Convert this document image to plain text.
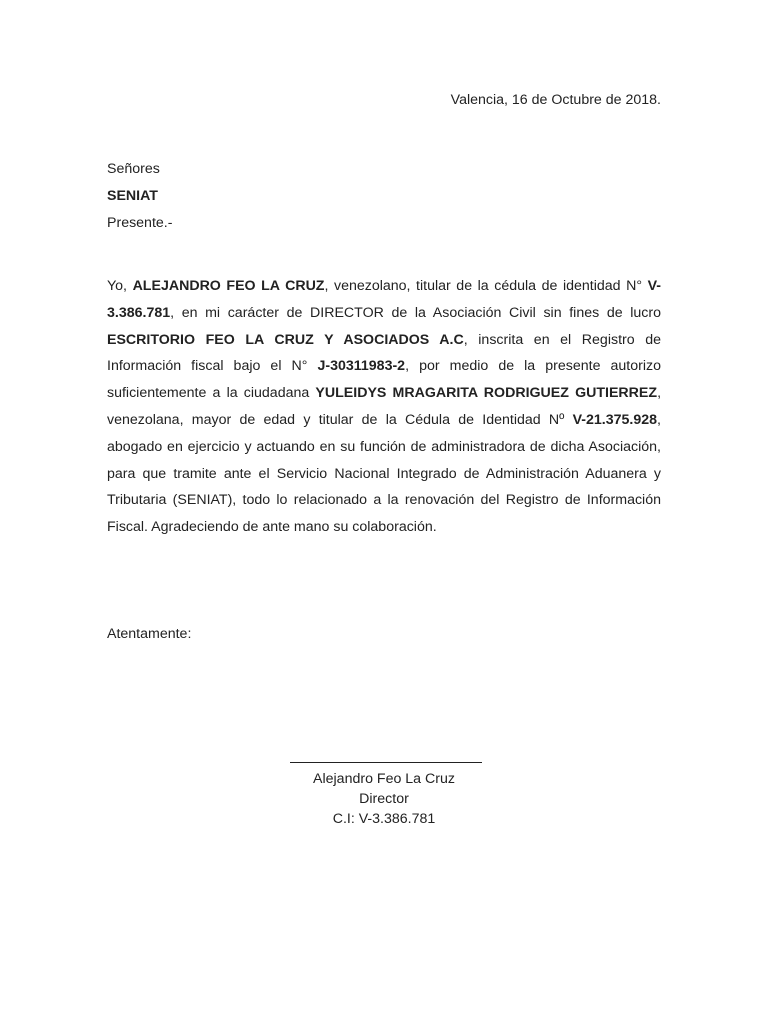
Valencia, 16 de Octubre de 2018.
Señores
SENIAT
Presente.-
Yo, ALEJANDRO FEO LA CRUZ, venezolano, titular de la cédula de identidad N° V-3.386.781, en mi carácter de DIRECTOR de la Asociación Civil sin fines de lucro ESCRITORIO FEO LA CRUZ Y ASOCIADOS A.C, inscrita en el Registro de Información fiscal bajo el N° J-30311983-2, por medio de la presente autorizo suficientemente a la ciudadana YULEIDYS MRAGARITA RODRIGUEZ GUTIERREZ, venezolana, mayor de edad y titular de la Cédula de Identidad Nº V-21.375.928, abogado en ejercicio y actuando en su función de administradora de dicha Asociación, para que tramite ante el Servicio Nacional Integrado de Administración Aduanera y Tributaria (SENIAT), todo lo relacionado a la renovación del Registro de Información Fiscal. Agradeciendo de ante mano su colaboración.
Atentamente:
Alejandro Feo La Cruz
Director
C.I: V-3.386.781
